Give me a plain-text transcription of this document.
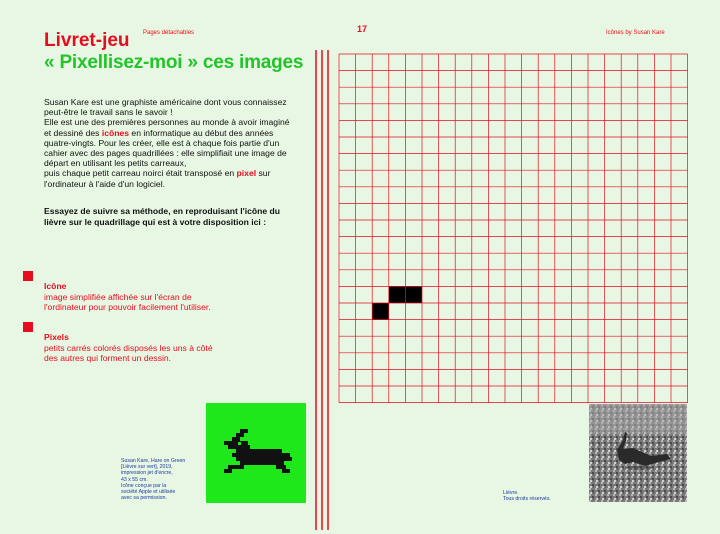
Pages détachables	17	Icônes by Susan Kare
Livret-jeu
« Pixellisez-moi » ces images

Susan Kare est une graphiste américaine dont vous connaissez peut-être le travail sans le savoir !

Elle est une des premières personnes au monde à avoir imaginé et dessiné des icônes en informatique au début des années quatre-vingts. Pour les créer, elle est à chaque fois partie d'un cahier avec des pages quadrillées : elle simplifiait une image de départ en utilisant les petits carreaux,

puis chaque petit carreau noirci était transposé en pixel sur l'ordinateur à l'aide d'un logiciel.

Essayez de suivre sa méthode, en reproduisant l'icône du lièvre sur le quadrillage qui est à votre disposition ici :
Icône
image simplifiée affichée sur l'écran de l'ordinateur pour pouvoir facilement l'utiliser.
Pixels
petits carrés colorés disposés les uns à côté des autres qui forment un dessin.
Susan Kare, Hare on Green
[Lièvre sur vert], 2019,
impression jet d'encre,
43 x 55 cm.
Icône conçue par la
société Apple et utilisée
avec sa permission.
Lièvre.
Tous droits réservés.
